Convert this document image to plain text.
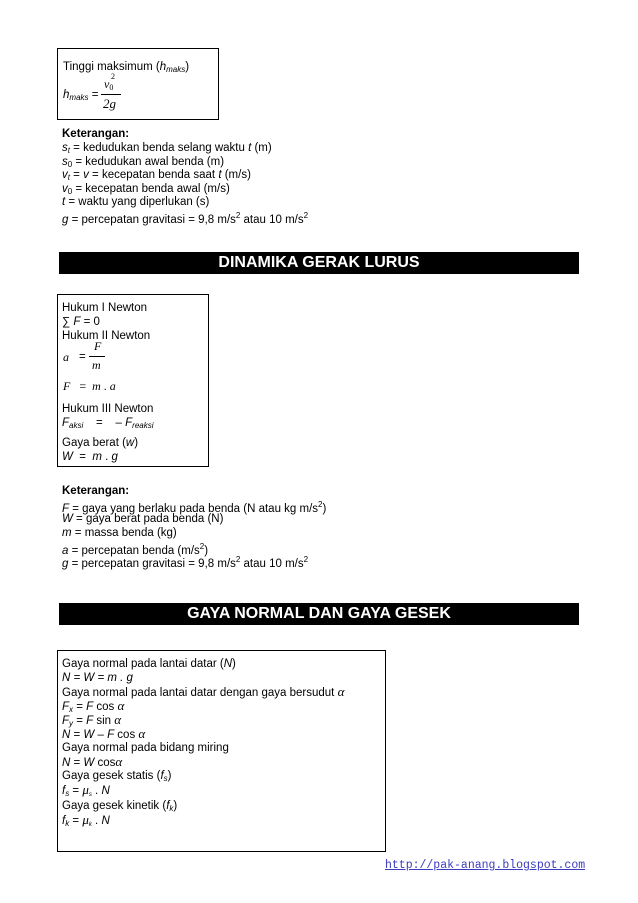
Tinggi maksimum $(h_{maks})$
$h_{maks}$ =
$v_0$
2
2g
Keterangan:
$s_t$ = kedudukan benda selang waktu t (m)
$s_0$ = kedudukan awal benda (m)
$v_t = v$ = kecepatan benda saat t (m/s)
$v_0$ = kecepatan benda awal (m/s)
t = waktu yang diperlukan (s)
g = percepatan gravitasi = 9,8 $m/s^2$ atau 10 $m/s^2$
DINAMIKA GERAK LURUS
Hukum I Newton
∑ F = 0
Hukum II Newton
a =
F
m
F = m . a
Hukum III Newton
$F_{aksi}$ = – $F_{reaksi}$
Gaya berat (w)
W  =  m . g
Keterangan:
F = gaya yang berlaku pada benda (N atau kg $m/s^2$)
W = gaya berat pada benda (N)
m = massa benda (kg)
a = percepatan benda $(m/s^2)$
g = percepatan gravitasi = 9,8 $m/s^2$ atau 10 $m/s^2$
GAYA NORMAL DAN GAYA GESEK
Gaya normal pada lantai datar (N)
N = W = m . g
Gaya normal pada lantai datar dengan gaya bersudut α
$F_x = F$ cos α
$F_y = F$ sin α
N = W – F cos α
Gaya normal pada bidang miring
N = W cosα
Gaya gesek statis $(f_s)$
$f_s = \mu_s$ . N
Gaya gesek kinetik $(f_k)$
$f_k = \mu_k$ . N
http://pak-anang.blogspot.com
